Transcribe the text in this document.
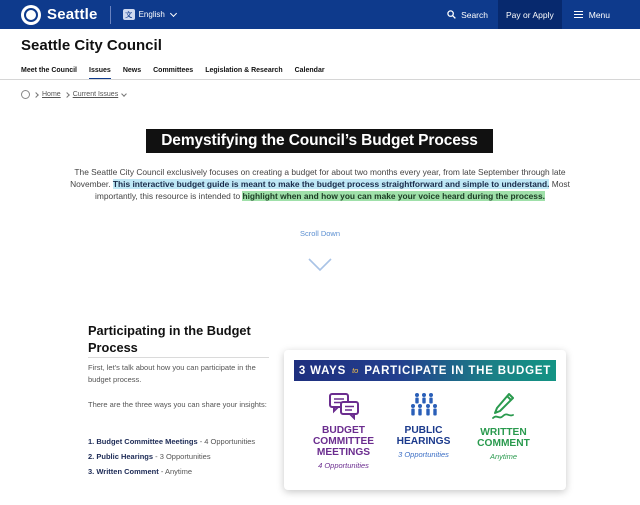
Seattle	文 English	Search Pay or Apply	Menu
Seattle City Council
Meet the Council Issues News Committees Legislation & Research Calendar
Home Current Issues
Demystifying the Council’s Budget Process

The Seattle City Council exclusively focuses on creating a budget for about two months every year, from late September through late November. This interactive budget guide is meant to make the budget process straightforward and simple to understand. Most importantly, this resource is intended to highlight when and how you can make your voice heard during the process.

Scroll Down
Participating in the Budget Process

First, let's talk about how you can participate in the budget process.

There are the three ways you can share your insights:

1. Budget Committee Meetings - 4 Opportunities
2. Public Hearings - 3 Opportunities
3. Written Comment - Anytime
3 WAYS to PARTICIPATE IN THE BUDGET
BUDGET COMMITTEE MEETINGS
4 Opportunities
PUBLIC HEARINGS
3 Opportunities
WRITTEN COMMENT
Anytime
